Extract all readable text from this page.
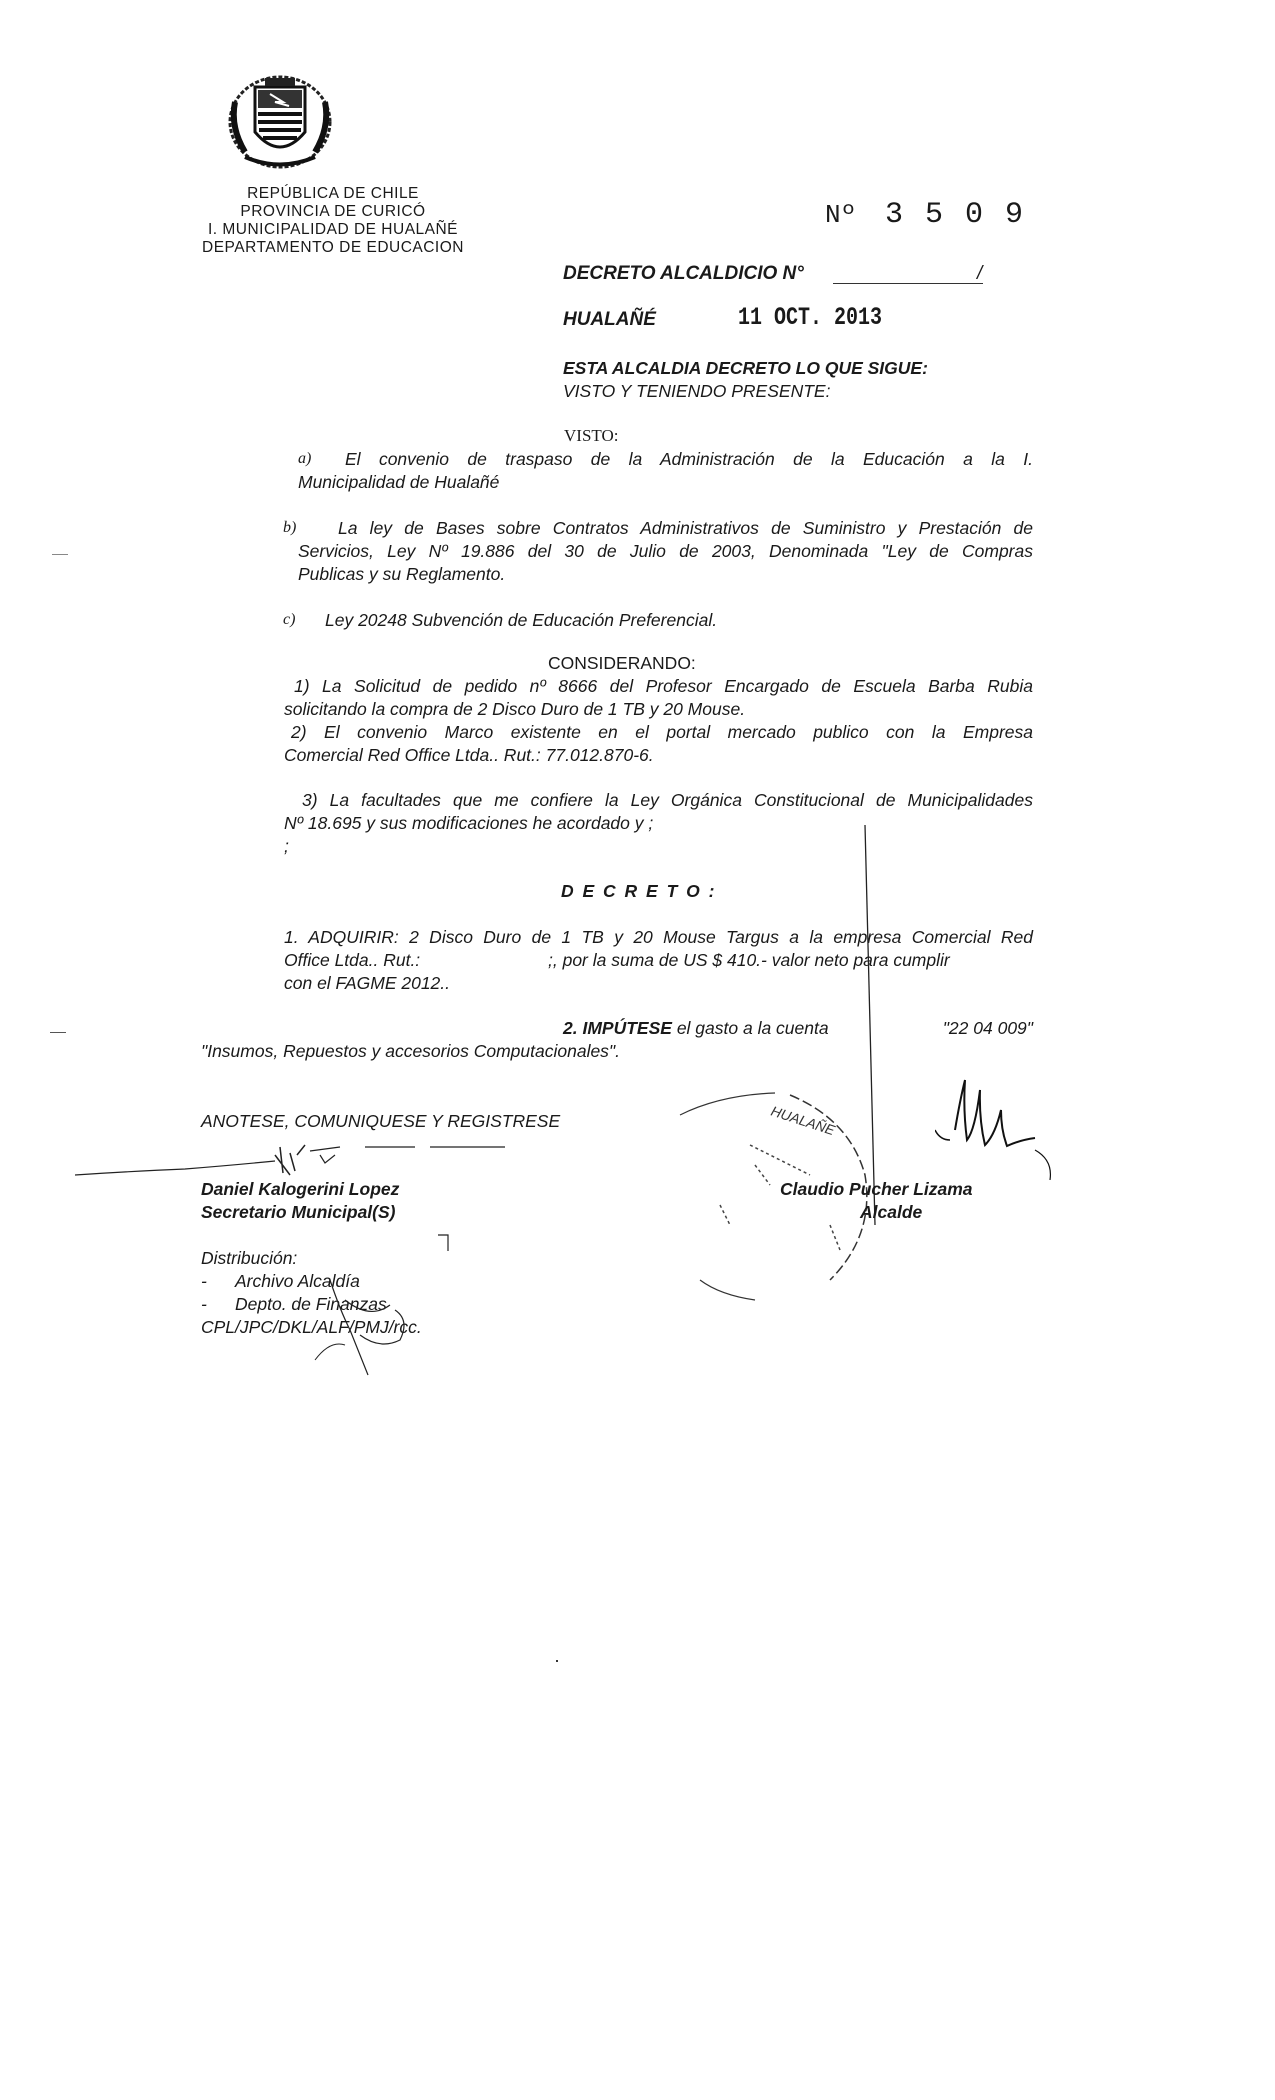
REPÚBLICA DE CHILE
PROVINCIA DE CURICÓ
I. MUNICIPALIDAD DE HUALAÑÉ
DEPARTAMENTO DE EDUCACION
Nº 3 5 0 9
DECRETO ALCALDICIO N°	/
HUALAÑÉ	11 OCT. 2013
ESTA ALCALDIA DECRETO LO QUE SIGUE:
VISTO Y TENIENDO PRESENTE:
VISTO:
a) El convenio de traspaso de la Administración de la Educación a la I.
Municipalidad de Hualañé
b) La ley de Bases sobre Contratos Administrativos de Suministro y Prestación de
Servicios, Ley Nº 19.886 del 30 de Julio de 2003, Denominada "Ley de Compras
Publicas y su Reglamento.
c) Ley 20248 Subvención de Educación Preferencial.
CONSIDERANDO:
1) La Solicitud de pedido nº 8666 del Profesor Encargado de Escuela Barba Rubia
solicitando la compra de 2 Disco Duro de 1 TB y 20 Mouse.
2) El convenio Marco existente en el portal mercado publico con la Empresa
Comercial Red Office Ltda.. Rut.: 77.012.870-6.
3) La facultades que me confiere la Ley Orgánica Constitucional de Municipalidades
Nº 18.695 y sus modificaciones he acordado y ;
;
D E C R E T O :
1. ADQUIRIR: 2 Disco Duro de 1 TB y 20 Mouse Targus a la empresa Comercial Red
Office Ltda.. Rut.:	;, por la suma de US $ 410.- valor neto para cumplir
con el FAGME 2012..
2. IMPÚTESE el gasto a la cuenta	"22 04 009"
"Insumos, Repuestos y accesorios Computacionales".
ANOTESE, COMUNIQUESE Y REGISTRESE
Daniel Kalogerini Lopez
Secretario Municipal(S)
HUALAÑE
Claudio Pucher Lizama
Alcalde
Distribución:
- Archivo Alcaldía
- Depto. de Finanzas
CPL/JPC/DKL/ALF/PMJ/rcc.
